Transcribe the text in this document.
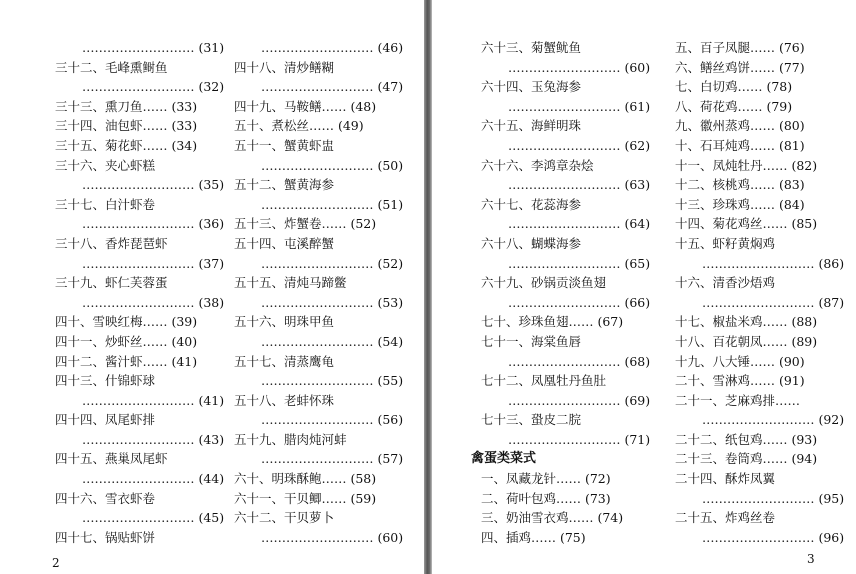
……………………… (31)
三十二、毛峰熏鲥鱼
……………………… (32)
三十三、熏刀鱼…… (33)
三十四、油包虾…… (33)
三十五、菊花虾…… (34)
三十六、夹心虾糕
……………………… (35)
三十七、白汁虾卷
……………………… (36)
三十八、香炸琵琶虾
……………………… (37)
三十九、虾仁芙蓉蛋
……………………… (38)
四十、雪映红梅…… (39)
四十一、炒虾丝…… (40)
四十二、酱汁虾…… (41)
四十三、什锦虾球
……………………… (41)
四十四、凤尾虾排
……………………… (43)
四十五、燕巢凤尾虾
……………………… (44)
四十六、雪衣虾卷
……………………… (45)
四十七、锅贴虾饼
……………………… (46)
四十八、清炒鳝糊
……………………… (47)
四十九、马鞍鳝…… (48)
五十、煮松丝…… (49)
五十一、蟹黄虾盅
……………………… (50)
五十二、蟹黄海参
……………………… (51)
五十三、炸蟹卷…… (52)
五十四、屯溪醉蟹
……………………… (52)
五十五、清炖马蹄鳖
……………………… (53)
五十六、明珠甲鱼
……………………… (54)
五十七、清蒸鹰龟
……………………… (55)
五十八、老蚌怀珠
……………………… (56)
五十九、腊肉炖河蚌
……………………… (57)
六十、明珠酥鲍…… (58)
六十一、干贝鲫…… (59)
六十二、干贝萝卜
……………………… (60)
2
六十三、菊蟹鱿鱼
……………………… (60)
六十四、玉兔海参
……………………… (61)
六十五、海鲜明珠
……………………… (62)
六十六、李鸿章杂烩
……………………… (63)
六十七、花蕊海参
……………………… (64)
六十八、蝴蝶海参
……………………… (65)
六十九、砂锅贡淡鱼翅
……………………… (66)
七十、珍珠鱼翅…… (67)
七十一、海棠鱼唇
……………………… (68)
七十二、凤凰牡丹鱼肚
……………………… (69)
七十三、蛩皮二脘
……………………… (71)
禽蛋类菜式
一、凤藏龙针…… (72)
二、荷叶包鸡…… (73)
三、奶油雪衣鸡…… (74)
四、插鸡…… (75)
五、百子凤腿…… (76)
六、鳝丝鸡饼…… (77)
七、白切鸡…… (78)
八、荷花鸡…… (79)
九、徽州蒸鸡…… (80)
十、石耳炖鸡…… (81)
十一、凤炖牡丹…… (82)
十二、核桃鸡…… (83)
十三、珍珠鸡…… (84)
十四、菊花鸡丝…… (85)
十五、虾籽黄焖鸡
……………………… (86)
十六、清香沙焐鸡
……………………… (87)
十七、椒盐米鸡…… (88)
十八、百花朝凤…… (89)
十九、八大锤…… (90)
二十、雪淋鸡…… (91)
二十一、芝麻鸡排……
……………………… (92)
二十二、纸包鸡…… (93)
二十三、卷筒鸡…… (94)
二十四、酥炸凤翼
……………………… (95)
二十五、炸鸡丝卷
……………………… (96)
3
